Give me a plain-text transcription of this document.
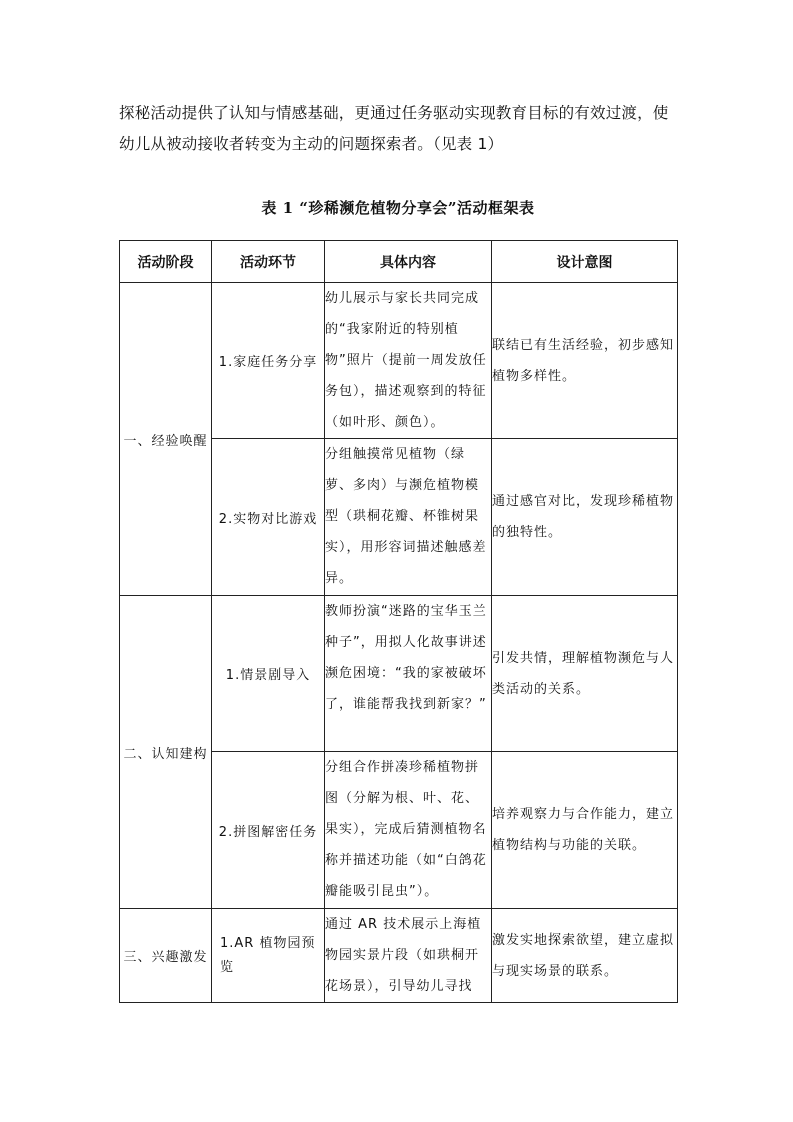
探秘活动提供了认知与情感基础，更通过任务驱动实现教育目标的有效过渡，使

幼儿从被动接收者转变为主动的问题探索者。（见表 1）

表 1 “珍稀濒危植物分享会”活动框架表
活动阶段	活动环节	具体内容	设计意图
一、经验唤醒	1.家庭任务分享	幼儿展示与家长共同完成的“我家附近的特别植物”照片（提前一周发放任务包），描述观察到的特征（如叶形、颜色）。	联结已有生活经验，初步感知植物多样性。
	2.实物对比游戏	分组触摸常见植物（绿萝、多肉）与濒危植物模型（珙桐花瓣、杯锥树果实），用形容词描述触感差异。	通过感官对比，发现珍稀植物的独特性。
二、认知建构	1.情景剧导入	教师扮演“迷路的宝华玉兰种子”，用拟人化故事讲述濒危困境：“我的家被破坏了，谁能帮我找到新家？”	引发共情，理解植物濒危与人类活动的关系。
	2.拼图解密任务	分组合作拼凑珍稀植物拼图（分解为根、叶、花、果实），完成后猜测植物名称并描述功能（如“白鸽花瓣能吸引昆虫”）。	培养观察力与合作能力，建立植物结构与功能的关联。
三、兴趣激发	1.AR 植物园预览	通过 AR 技术展示上海植物园实景片段（如珙桐开花场景），引导幼儿寻找	激发实地探索欲望，建立虚拟与现实场景的联系。
